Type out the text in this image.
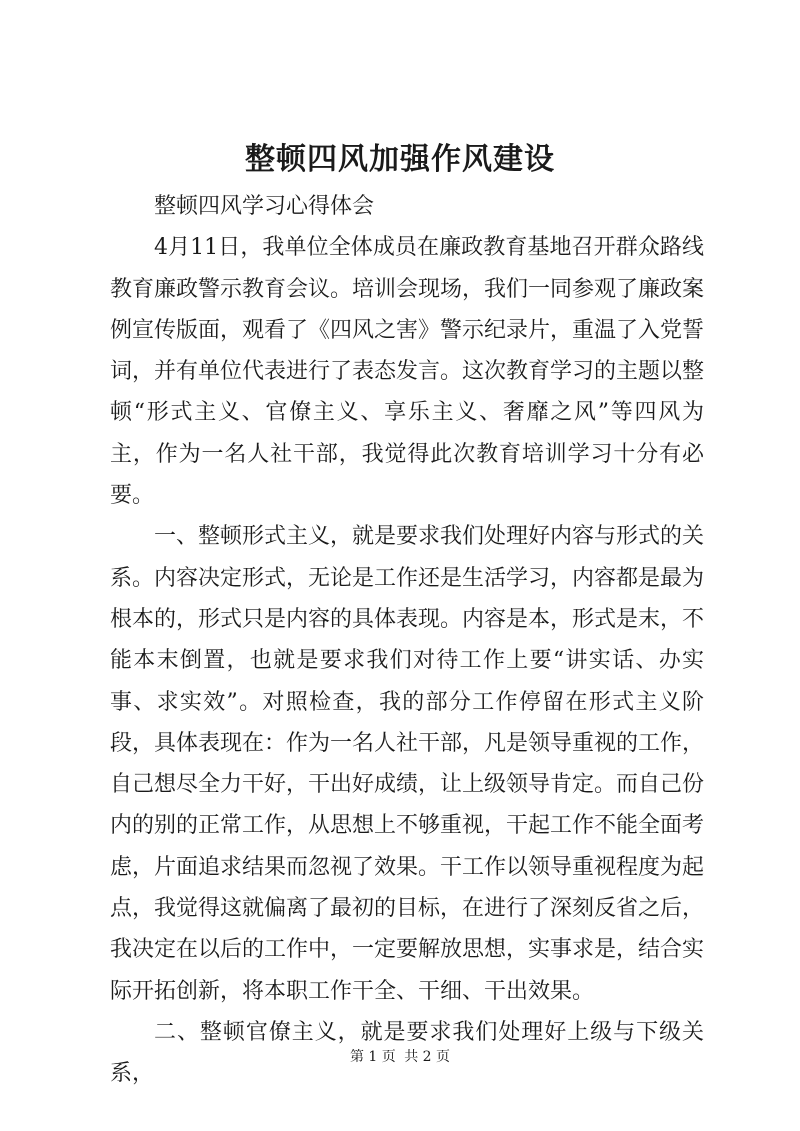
整顿四风加强作风建设

整顿四风学习心得体会

4月11日，我单位全体成员在廉政教育基地召开群众路线教育廉政警示教育会议。培训会现场，我们一同参观了廉政案例宣传版面，观看了《四风之害》警示纪录片，重温了入党誓词，并有单位代表进行了表态发言。这次教育学习的主题以整顿“形式主义、官僚主义、享乐主义、奢靡之风”等四风为主，作为一名人社干部，我觉得此次教育培训学习十分有必要。

一、整顿形式主义，就是要求我们处理好内容与形式的关系。内容决定形式，无论是工作还是生活学习，内容都是最为根本的，形式只是内容的具体表现。内容是本，形式是末，不能本末倒置，也就是要求我们对待工作上要“讲实话、办实事、求实效”。对照检查，我的部分工作停留在形式主义阶段，具体表现在：作为一名人社干部，凡是领导重视的工作，自己想尽全力干好，干出好成绩，让上级领导肯定。而自己份内的别的正常工作，从思想上不够重视，干起工作不能全面考虑，片面追求结果而忽视了效果。干工作以领导重视程度为起点，我觉得这就偏离了最初的目标，在进行了深刻反省之后，我决定在以后的工作中，一定要解放思想，实事求是，结合实际开拓创新，将本职工作干全、干细、干出效果。

二、整顿官僚主义，就是要求我们处理好上级与下级关系，

第 1 页 共 2 页
